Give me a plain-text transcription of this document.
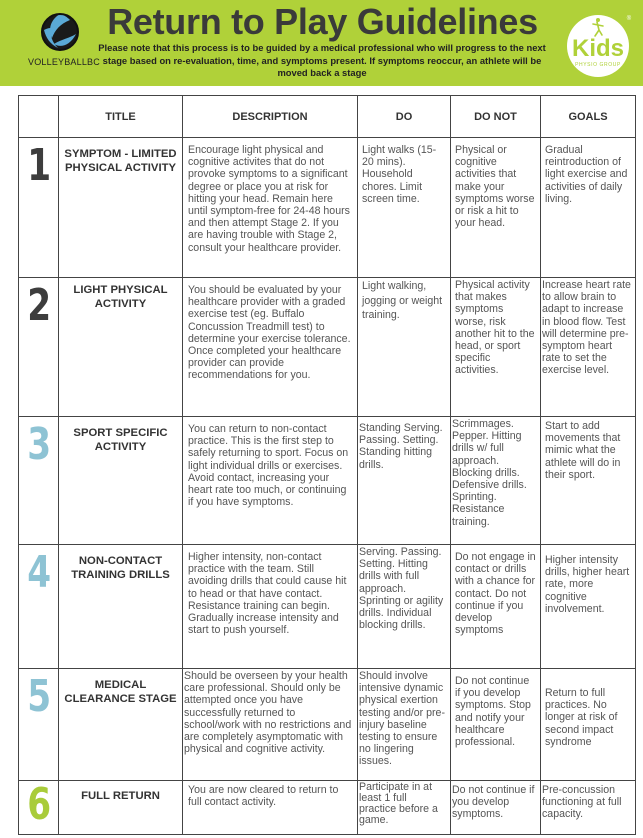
VOLLEYBALLBC
Return to Play Guidelines
Please note that this process is to be guided by a medical professional who will progress to the next stage based on re-evaluation, time, and symptoms present. If symptoms reoccur, an athlete will be moved back a stage
Kids
PHYSIO GROUP
®
	TITLE	DESCRIPTION	DO	DO NOT	GOALS
1	SYMPTOM - LIMITED PHYSICAL ACTIVITY	Encourage light physical and cognitive activites that do not provoke symptoms to a significant degree or place you at risk for hitting your head. Remain here until symptom-free for 24-48 hours and then attempt Stage 2. If you are having trouble with Stage 2, consult your healthcare provider.	Light walks (15- 20 mins). Household chores. Limit screen time.	Physical or cognitive activities that make your symptoms worse or risk a hit to your head.	Gradual reintroduction of light exercise and activities of daily living.
2	LIGHT PHYSICAL ACTIVITY	You should be evaluated by your healthcare provider with a graded exercise test (eg. Buffalo Concussion Treadmill test) to determine your exercise tolerance. Once completed your healthcare provider can provide recommendations for you.	Light walking, jogging or weight training.	Physical activity that makes symptoms worse, risk another hit to the head, or sport specific activities.	Increase heart rate to allow brain to adapt to increase in blood flow. Test will determine pre-symptom heart rate to set the exercise level.
3	SPORT SPECIFIC ACTIVITY	You can return to non-contact practice. This is the first step to safely returning to sport. Focus on light individual drills or exercises. Avoid contact, increasing your heart rate too much, or continuing if you have symptoms.	Standing Serving. Passing. Setting. Standing hitting drills.	Scrimmages. Pepper. Hitting drills w/ full approach. Blocking drills. Defensive drills. Sprinting. Resistance training.	Start to add movements that mimic what the athlete will do in their sport.
4	NON-CONTACT TRAINING DRILLS	Higher intensity, non-contact practice with the team. Still avoiding drills that could cause hit to head or that have contact. Resistance training can begin. Gradually increase intensity and start to push yourself.	Serving. Passing. Setting. Hitting drills with full approach. Sprinting or agility drills. Individual blocking drills.	Do not engage in contact or drills with a chance for contact. Do not continue if you develop symptoms	Higher intensity drills, higher heart rate, more cognitive involvement.
5	MEDICAL CLEARANCE STAGE	Should be overseen by your health care professional. Should only be attempted once you have successfully returned to school/work with no restrictions and are completely asymptomatic with physical and cognitive activity.	Should involve intensive dynamic physical exertion testing and/or pre-injury baseline testing to ensure no lingering issues.	Do not continue if you develop symptoms. Stop and notify your healthcare professional.	Return to full practices. No longer at risk of second impact syndrome
6	FULL RETURN	You are now cleared to return to full contact activity.	Participate in at least 1 full practice before a game.	Do not continue if you develop symptoms.	Pre-concussion functioning at full capacity.
